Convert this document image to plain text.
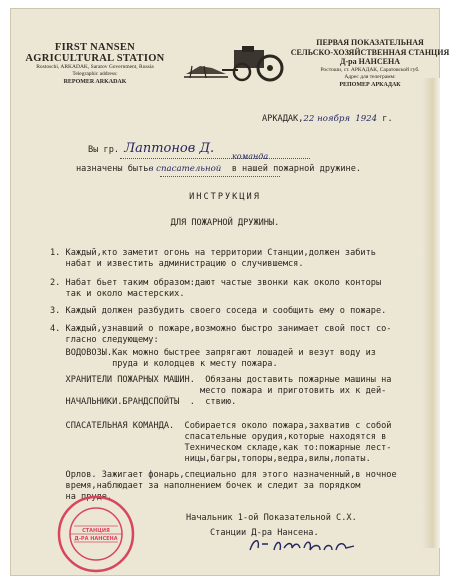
FIRST NANSEN
AGRICULTURAL STATION
Rostoschi, ARKADAK, Saratov Government, Russia
Telegraphic address:
REPOMER ARKADAK
ПЕРВАЯ ПОКАЗАТЕЛЬНАЯ
СЕЛЬСКО-ХОЗЯЙСТВЕННАЯ СТАНЦИЯ
Д-ра НАНСЕНА
Ростоши, ст. АРКАДАК, Саратовской губ.
Адрес для телеграмм:
РЕПОМЕР АРКАДАК
АРКАДАК,22 ноября 1924 г.
Вы гр. Лаптонов Д.
команда
назначены бытьв спасательной в нашей пожарной дружине.
ИНСТРУКЦИЯ
ДЛЯ ПОЖАРНОЙ ДРУЖИНЫ.
1. Каждый,кто заметит огонь на территории Станции,должен забить
набат и известить администрацию о случившемся.
2. Набат бьет таким образом:дают частые звонки как около конторы
так и около мастерских.
3. Каждый должен разбудить своего соседа и сообщить ему о пожаре.
4. Каждый,узнавший о пожаре,возможно быстро занимает свой пост со-
гласно следующему:
ВОДОВОЗЫ.Как можно быстрее запрягают лошадей и везут воду из
пруда и колодцев к месту пожара.
ХРАНИТЕЛИ ПОЖАРНЫХ МАШИН.  Обязаны доставить пожарные машины на
место пожара и приготовить их к дей-
НАЧАЛЬНИКИ.БРАНДСПОЙТЫ  .  ствию.
СПАСАТЕЛЬНАЯ КОМАНДА.  Собирается около пожара,захватив с собой
спасательные орудия,которые находятся в
Техническом складе,как то:пожарные лест-
ницы,багры,топоры,ведра,вилы,лопаты.
Орлов. Зажигает фонарь,специально для этого назначенный,в ночное
время,наблюдает за наполнением бочек и следит за порядком
на пруде.
Начальник 1-ой Показательной С.Х.
Станции Д-ра Нансена.
СТАНЦИЯ
Д-РА НАНСЕНА
